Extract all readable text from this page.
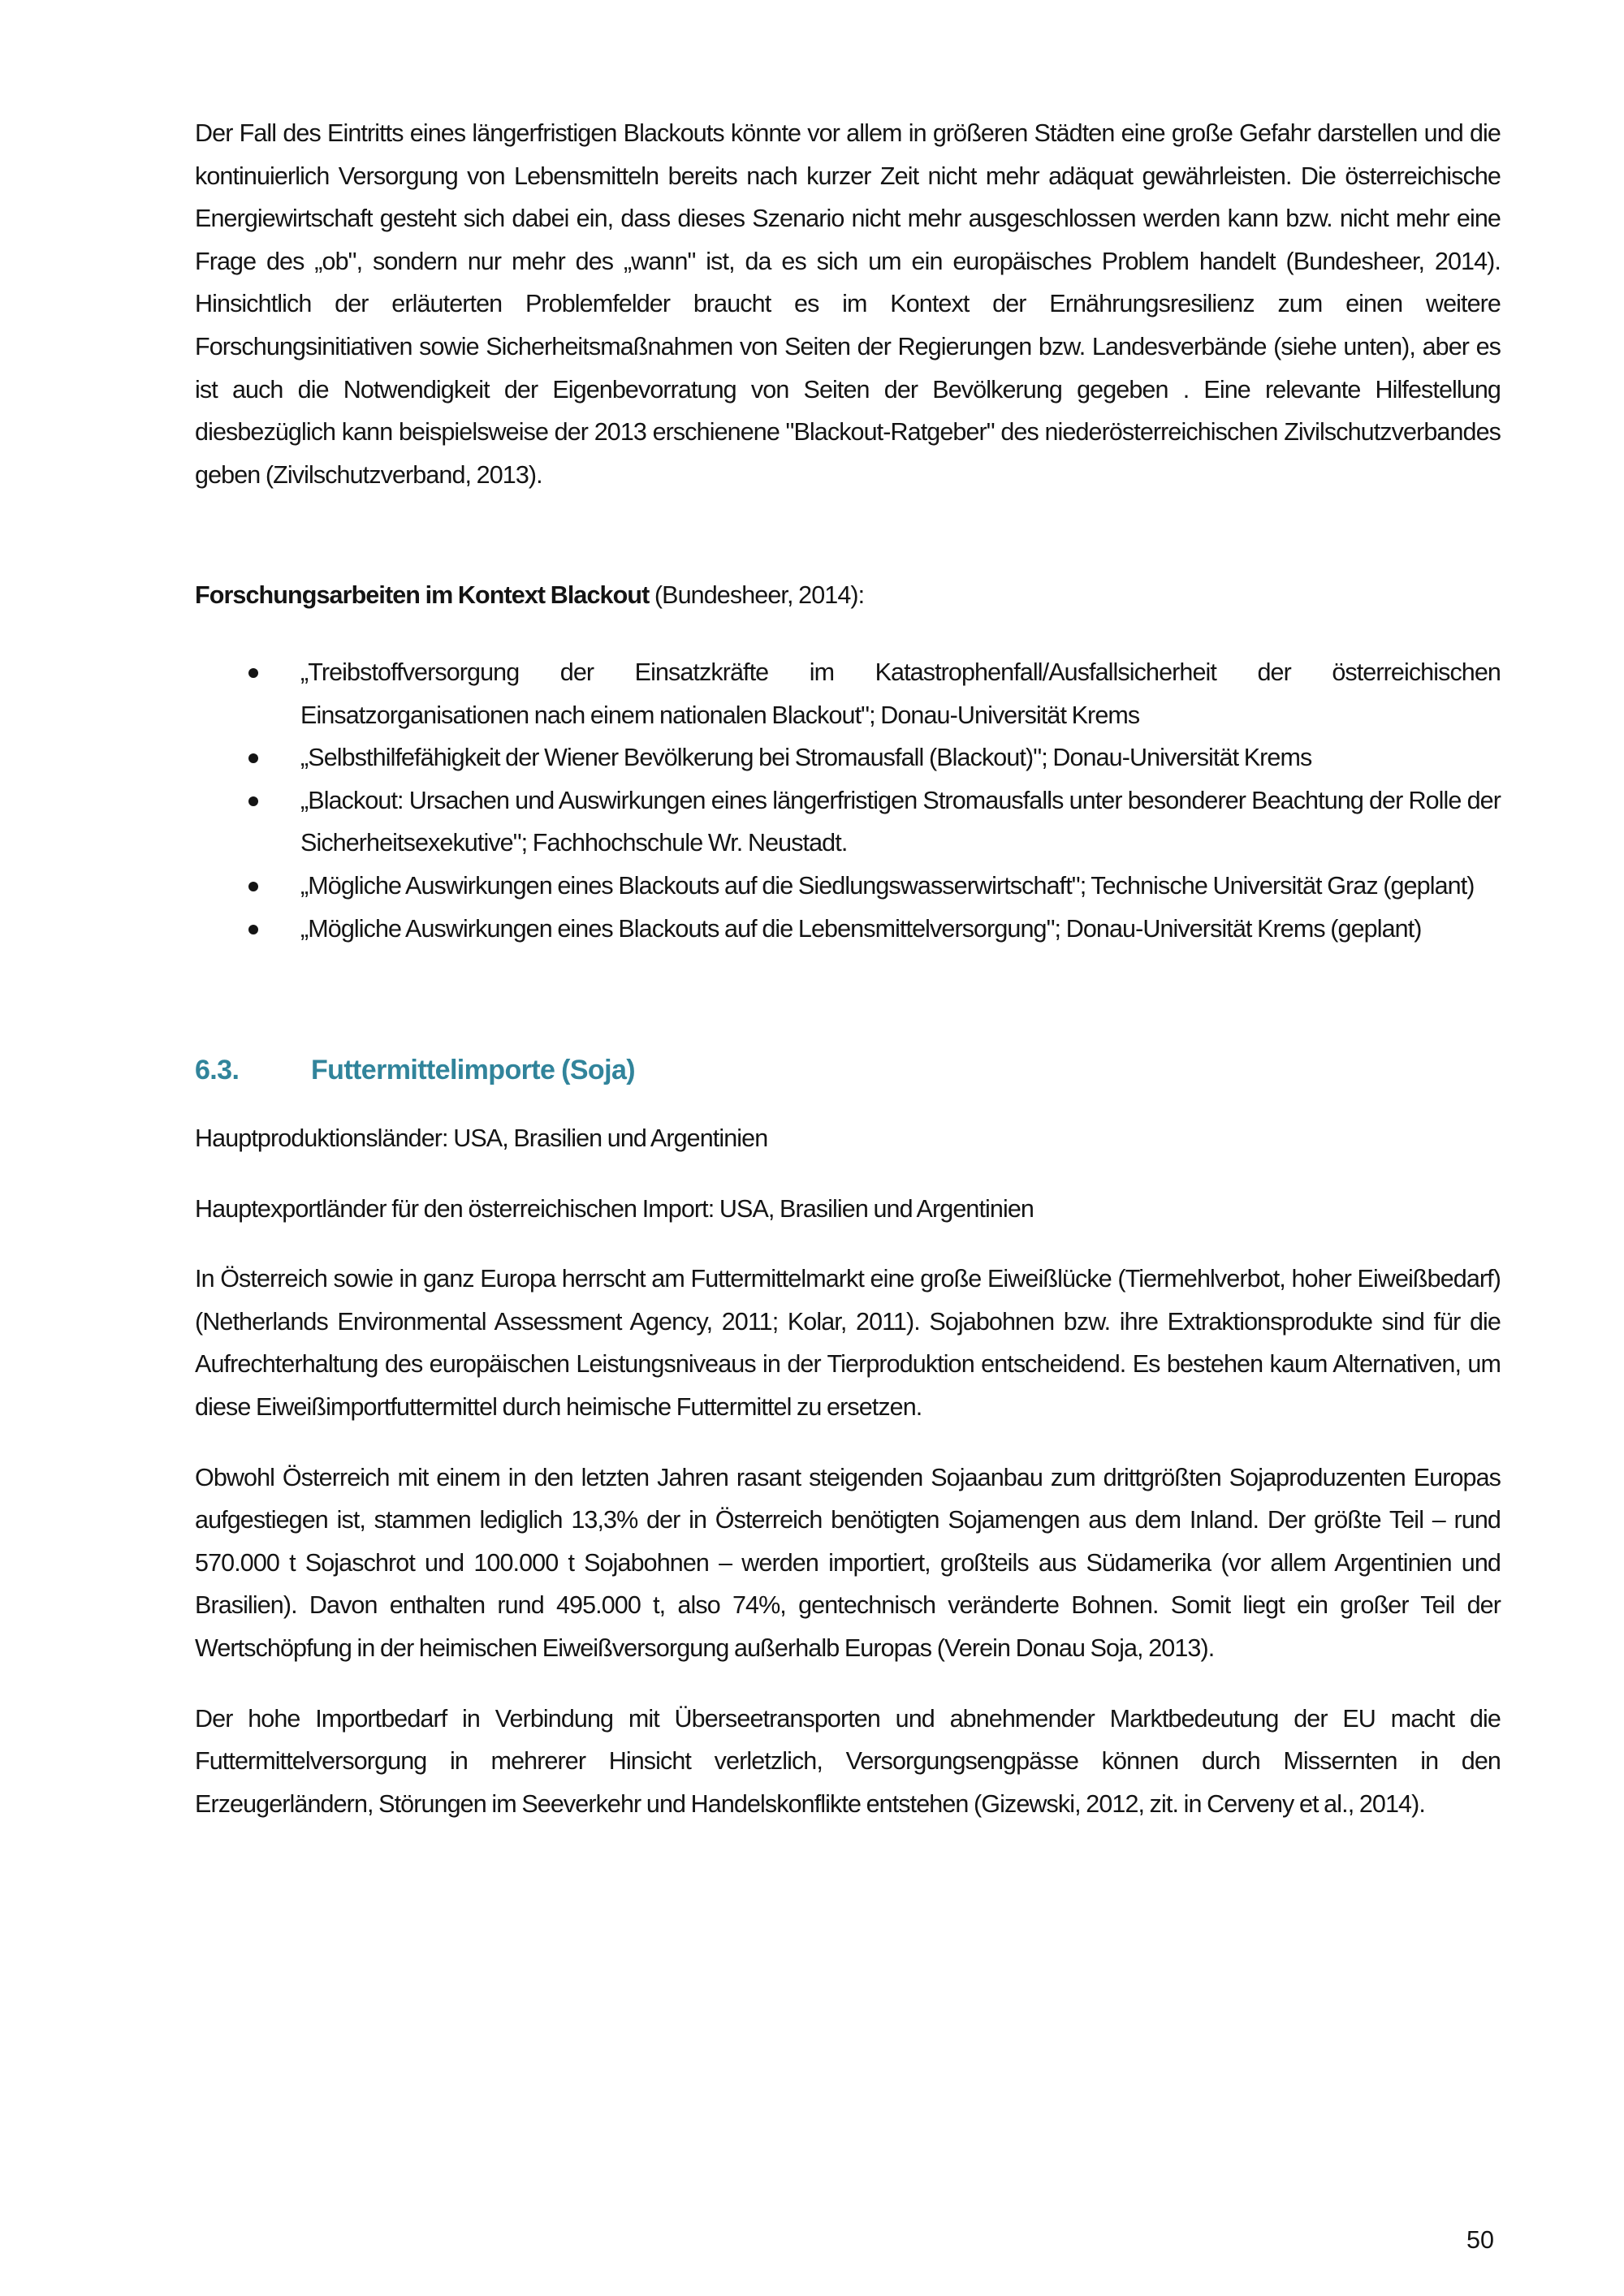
Der Fall des Eintritts eines längerfristigen Blackouts könnte vor allem in größeren Städten eine große Gefahr darstellen und die kontinuierlich Versorgung von Lebensmitteln bereits nach kurzer Zeit nicht mehr adäquat gewährleisten. Die österreichische Energiewirtschaft gesteht sich dabei ein, dass dieses Szenario nicht mehr ausgeschlossen werden kann bzw. nicht mehr eine Frage des „ob", sondern nur mehr des „wann" ist, da es sich um ein europäisches Problem handelt (Bundesheer, 2014). Hinsichtlich der erläuterten Problemfelder braucht es im Kontext der Ernährungsresilienz zum einen weitere Forschungsinitiativen sowie Sicherheitsmaßnahmen von Seiten der Regierungen bzw. Landesverbände (siehe unten), aber es ist auch die Notwendigkeit der Eigenbevorratung von Seiten der Bevölkerung gegeben . Eine relevante Hilfestellung diesbezüglich kann beispielsweise der 2013 erschienene "Blackout-Ratgeber" des niederösterreichischen Zivilschutzverbandes geben (Zivilschutzverband, 2013).

Forschungsarbeiten im Kontext Blackout (Bundesheer, 2014):

„Treibstoffversorgung der Einsatzkräfte im Katastrophenfall/Ausfallsicherheit der österreichischen Einsatzorganisationen nach einem nationalen Blackout"; Donau-Universität Krems
„Selbsthilfefähigkeit der Wiener Bevölkerung bei Stromausfall (Blackout)"; Donau-Universität Krems
„Blackout: Ursachen und Auswirkungen eines längerfristigen Stromausfalls unter besonderer Beachtung der Rolle der Sicherheitsexekutive"; Fachhochschule Wr. Neustadt.
„Mögliche Auswirkungen eines Blackouts auf die Siedlungswasserwirtschaft"; Technische Universität Graz (geplant)
„Mögliche Auswirkungen eines Blackouts auf die Lebensmittelversorgung"; Donau-Universität Krems (geplant)
6.3.	Futtermittelimporte (Soja)

Hauptproduktionsländer: USA, Brasilien und Argentinien

Hauptexportländer für den österreichischen Import: USA, Brasilien und Argentinien

In Österreich sowie in ganz Europa herrscht am Futtermittelmarkt eine große Eiweißlücke (Tiermehlverbot, hoher Eiweißbedarf) (Netherlands Environmental Assessment Agency, 2011; Kolar, 2011). Sojabohnen bzw. ihre Extraktionsprodukte sind für die Aufrechterhaltung des europäischen Leistungsniveaus in der Tierproduktion entscheidend. Es bestehen kaum Alternativen, um diese Eiweißimportfuttermittel durch heimische Futtermittel zu ersetzen.

Obwohl Österreich mit einem in den letzten Jahren rasant steigenden Sojaanbau zum drittgrößten Sojaproduzenten Europas aufgestiegen ist, stammen lediglich 13,3% der in Österreich benötigten Sojamengen aus dem Inland. Der größte Teil – rund 570.000 t Sojaschrot und 100.000 t Sojabohnen – werden importiert, großteils aus Südamerika (vor allem Argentinien und Brasilien). Davon enthalten rund 495.000 t, also 74%, gentechnisch veränderte Bohnen. Somit liegt ein großer Teil der Wertschöpfung in der heimischen Eiweißversorgung außerhalb Europas (Verein Donau Soja, 2013).

Der hohe Importbedarf in Verbindung mit Überseetransporten und abnehmender Marktbedeutung der EU macht die Futtermittelversorgung in mehrerer Hinsicht verletzlich, Versorgungsengpässe können durch Missernten in den Erzeugerländern, Störungen im Seeverkehr und Handelskonflikte entstehen (Gizewski, 2012, zit. in Cerveny et al., 2014).

50
